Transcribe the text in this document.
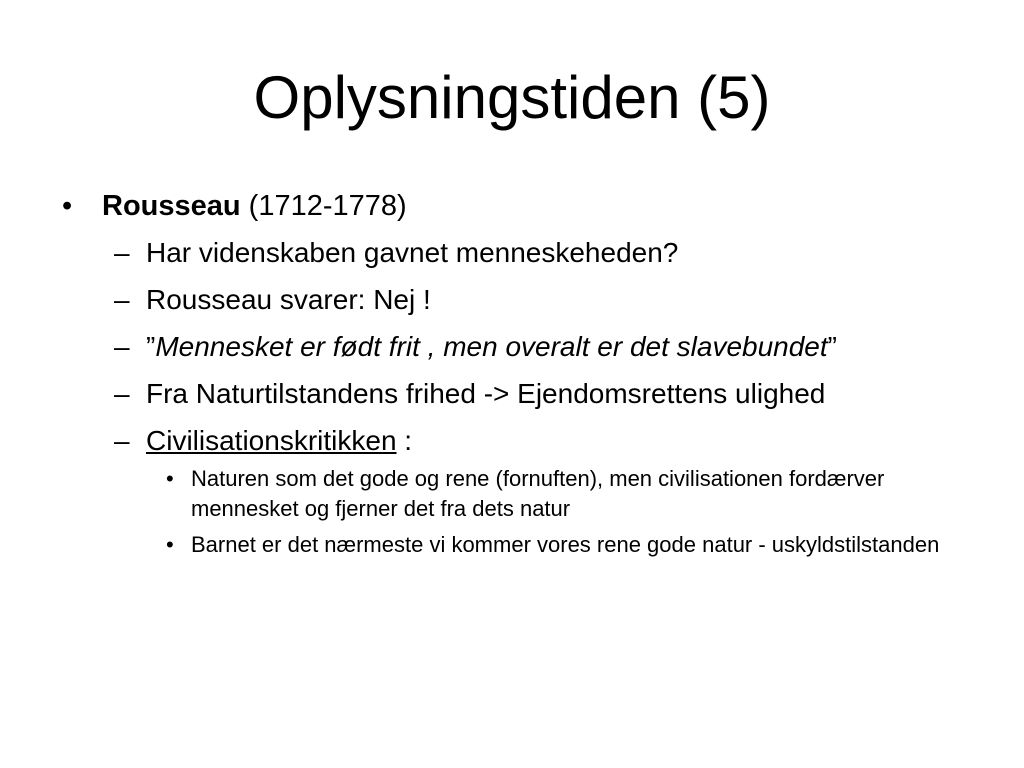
Oplysningstiden (5)
• Rousseau (1712-1778)
– Har videnskaben gavnet menneskeheden?
– Rousseau svarer: Nej !
– ”Mennesket er født frit , men overalt er det slavebundet”
– Fra Naturtilstandens frihed -> Ejendomsrettens ulighed
– Civilisationskritikken :
• Naturen som det gode og rene (fornuften), men civilisationen fordærver mennesket og fjerner det fra dets natur
• Barnet er det nærmeste vi kommer vores rene gode natur - uskyldstilstanden
